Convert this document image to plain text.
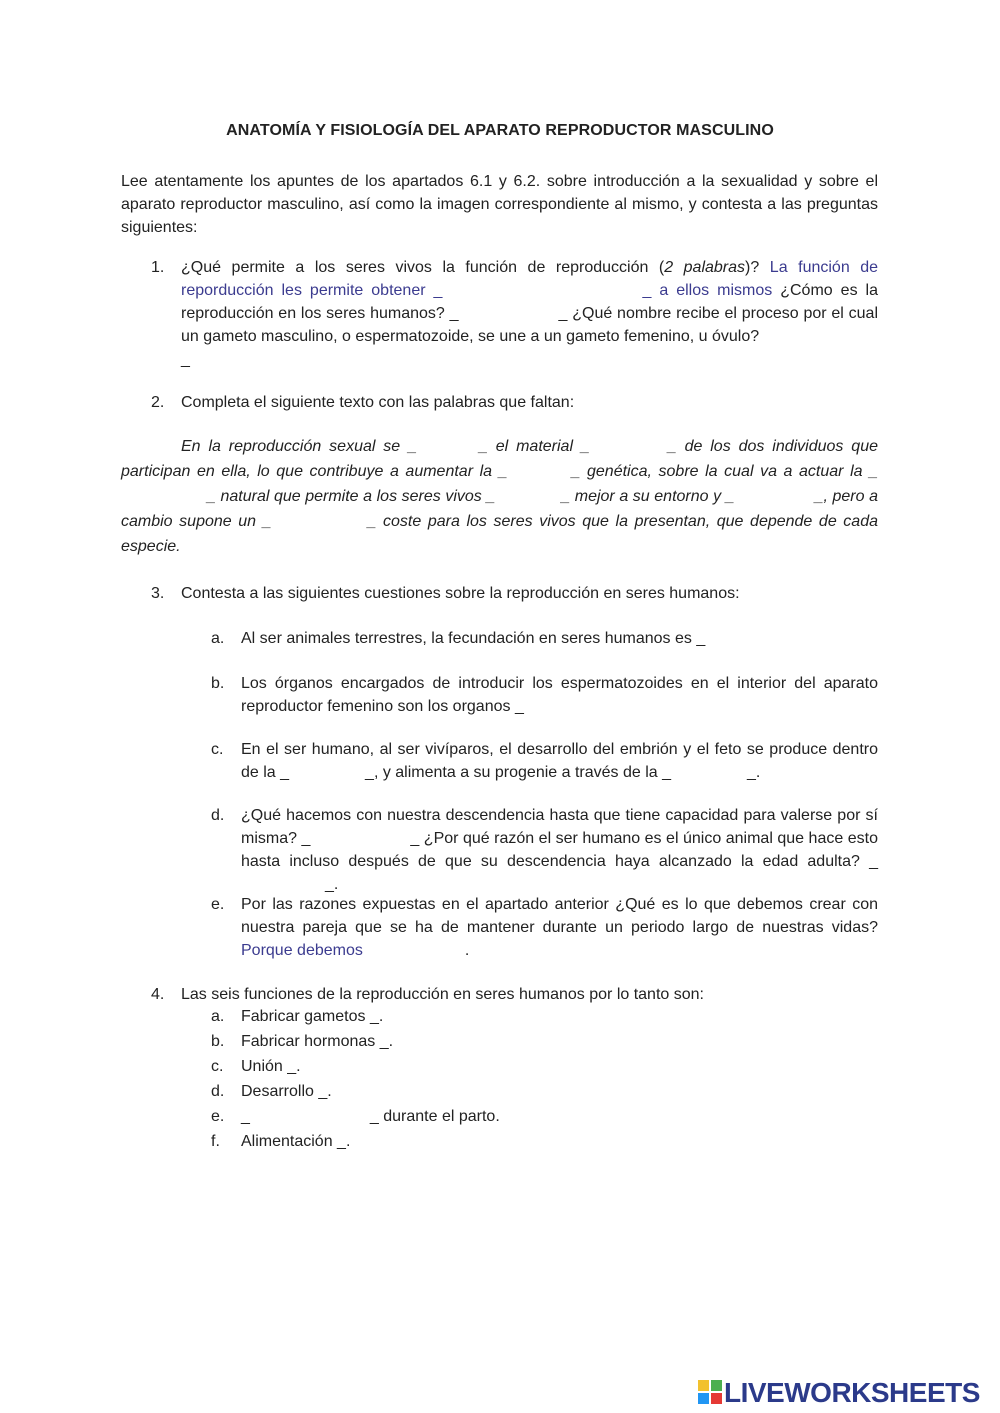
ANATOMÍA Y FISIOLOGÍA DEL APARATO REPRODUCTOR MASCULINO
Lee atentamente los apuntes de los apartados 6.1 y 6.2. sobre introducción a la sexualidad y sobre el aparato reproductor masculino, así como la imagen correspondiente al mismo, y contesta a las preguntas siguientes:
1. ¿Qué permite a los seres vivos la función de reproducción (2 palabras)? La función de reporducción les permite obtener _	_ a ellos mismos ¿Cómo es la reproducción en los seres humanos? _	_ ¿Qué nombre recibe el proceso por el cual un gameto masculino, o espermatozoide, se une a un gameto femenino, u óvulo?
_
2. Completa el siguiente texto con las palabras que faltan:
En la reproducción sexual se _	_ el material _	_ de los dos individuos que participan en ella, lo que contribuye a aumentar la _	_ genética, sobre la cual va a actuar la __ natural que permite a los seres vivos _	_ mejor a su entorno y _	_, pero a cambio supone un _	_ coste para los seres vivos que la presentan, que depende de cada especie.
3. Contesta a las siguientes cuestiones sobre la reproducción en seres humanos:
a. Al ser animales terrestres, la fecundación en seres humanos es _
b. Los órganos encargados de introducir los espermatozoides en el interior del aparato reproductor femenino son los organos _
c. En el ser humano, al ser vivíparos, el desarrollo del embrión y el feto se produce dentro de la _	_, y alimenta a su progenie a través de la _	_.
d. ¿Qué hacemos con nuestra descendencia hasta que tiene capacidad para valerse por sí misma? _	_ ¿Por qué razón el ser humano es el único animal que hace esto hasta incluso después de que su descendencia haya alcanzado la edad adulta? __.
e. Por las razones expuestas en el apartado anterior ¿Qué es lo que debemos crear con nuestra pareja que se ha de mantener durante un periodo largo de nuestras vidas? Porque debemos	.
4. Las seis funciones de la reproducción en seres humanos por lo tanto son:
a. Fabricar gametos _.
b. Fabricar hormonas _.
c. Unión _.
d. Desarrollo _.
e. _	_ durante el parto.
f. Alimentación _.
LIVEWORKSHEETS
